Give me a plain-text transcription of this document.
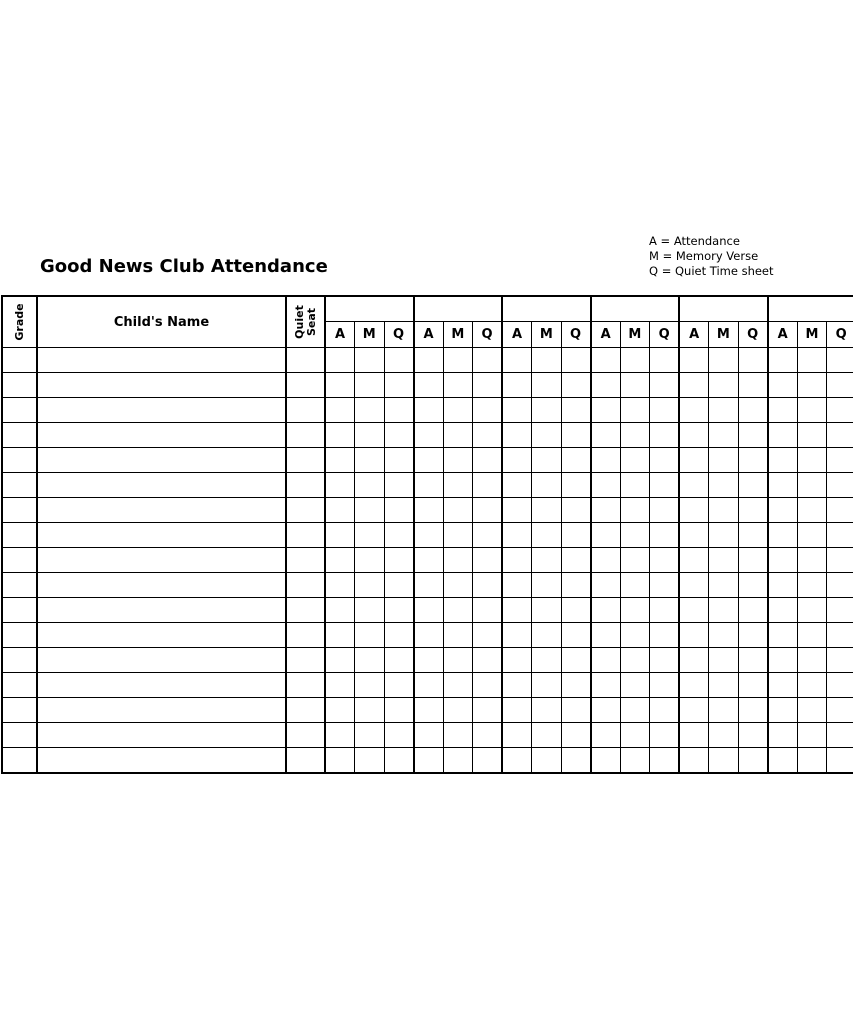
Good News Club Attendance
A = Attendance
M = Memory Verse
Q = Quiet Time sheet
Grade	Child's Name	Quiet
Seat																		

			A	M	Q	A	M	Q	A	M	Q	A	M	Q	A	M	Q	A	M	Q
